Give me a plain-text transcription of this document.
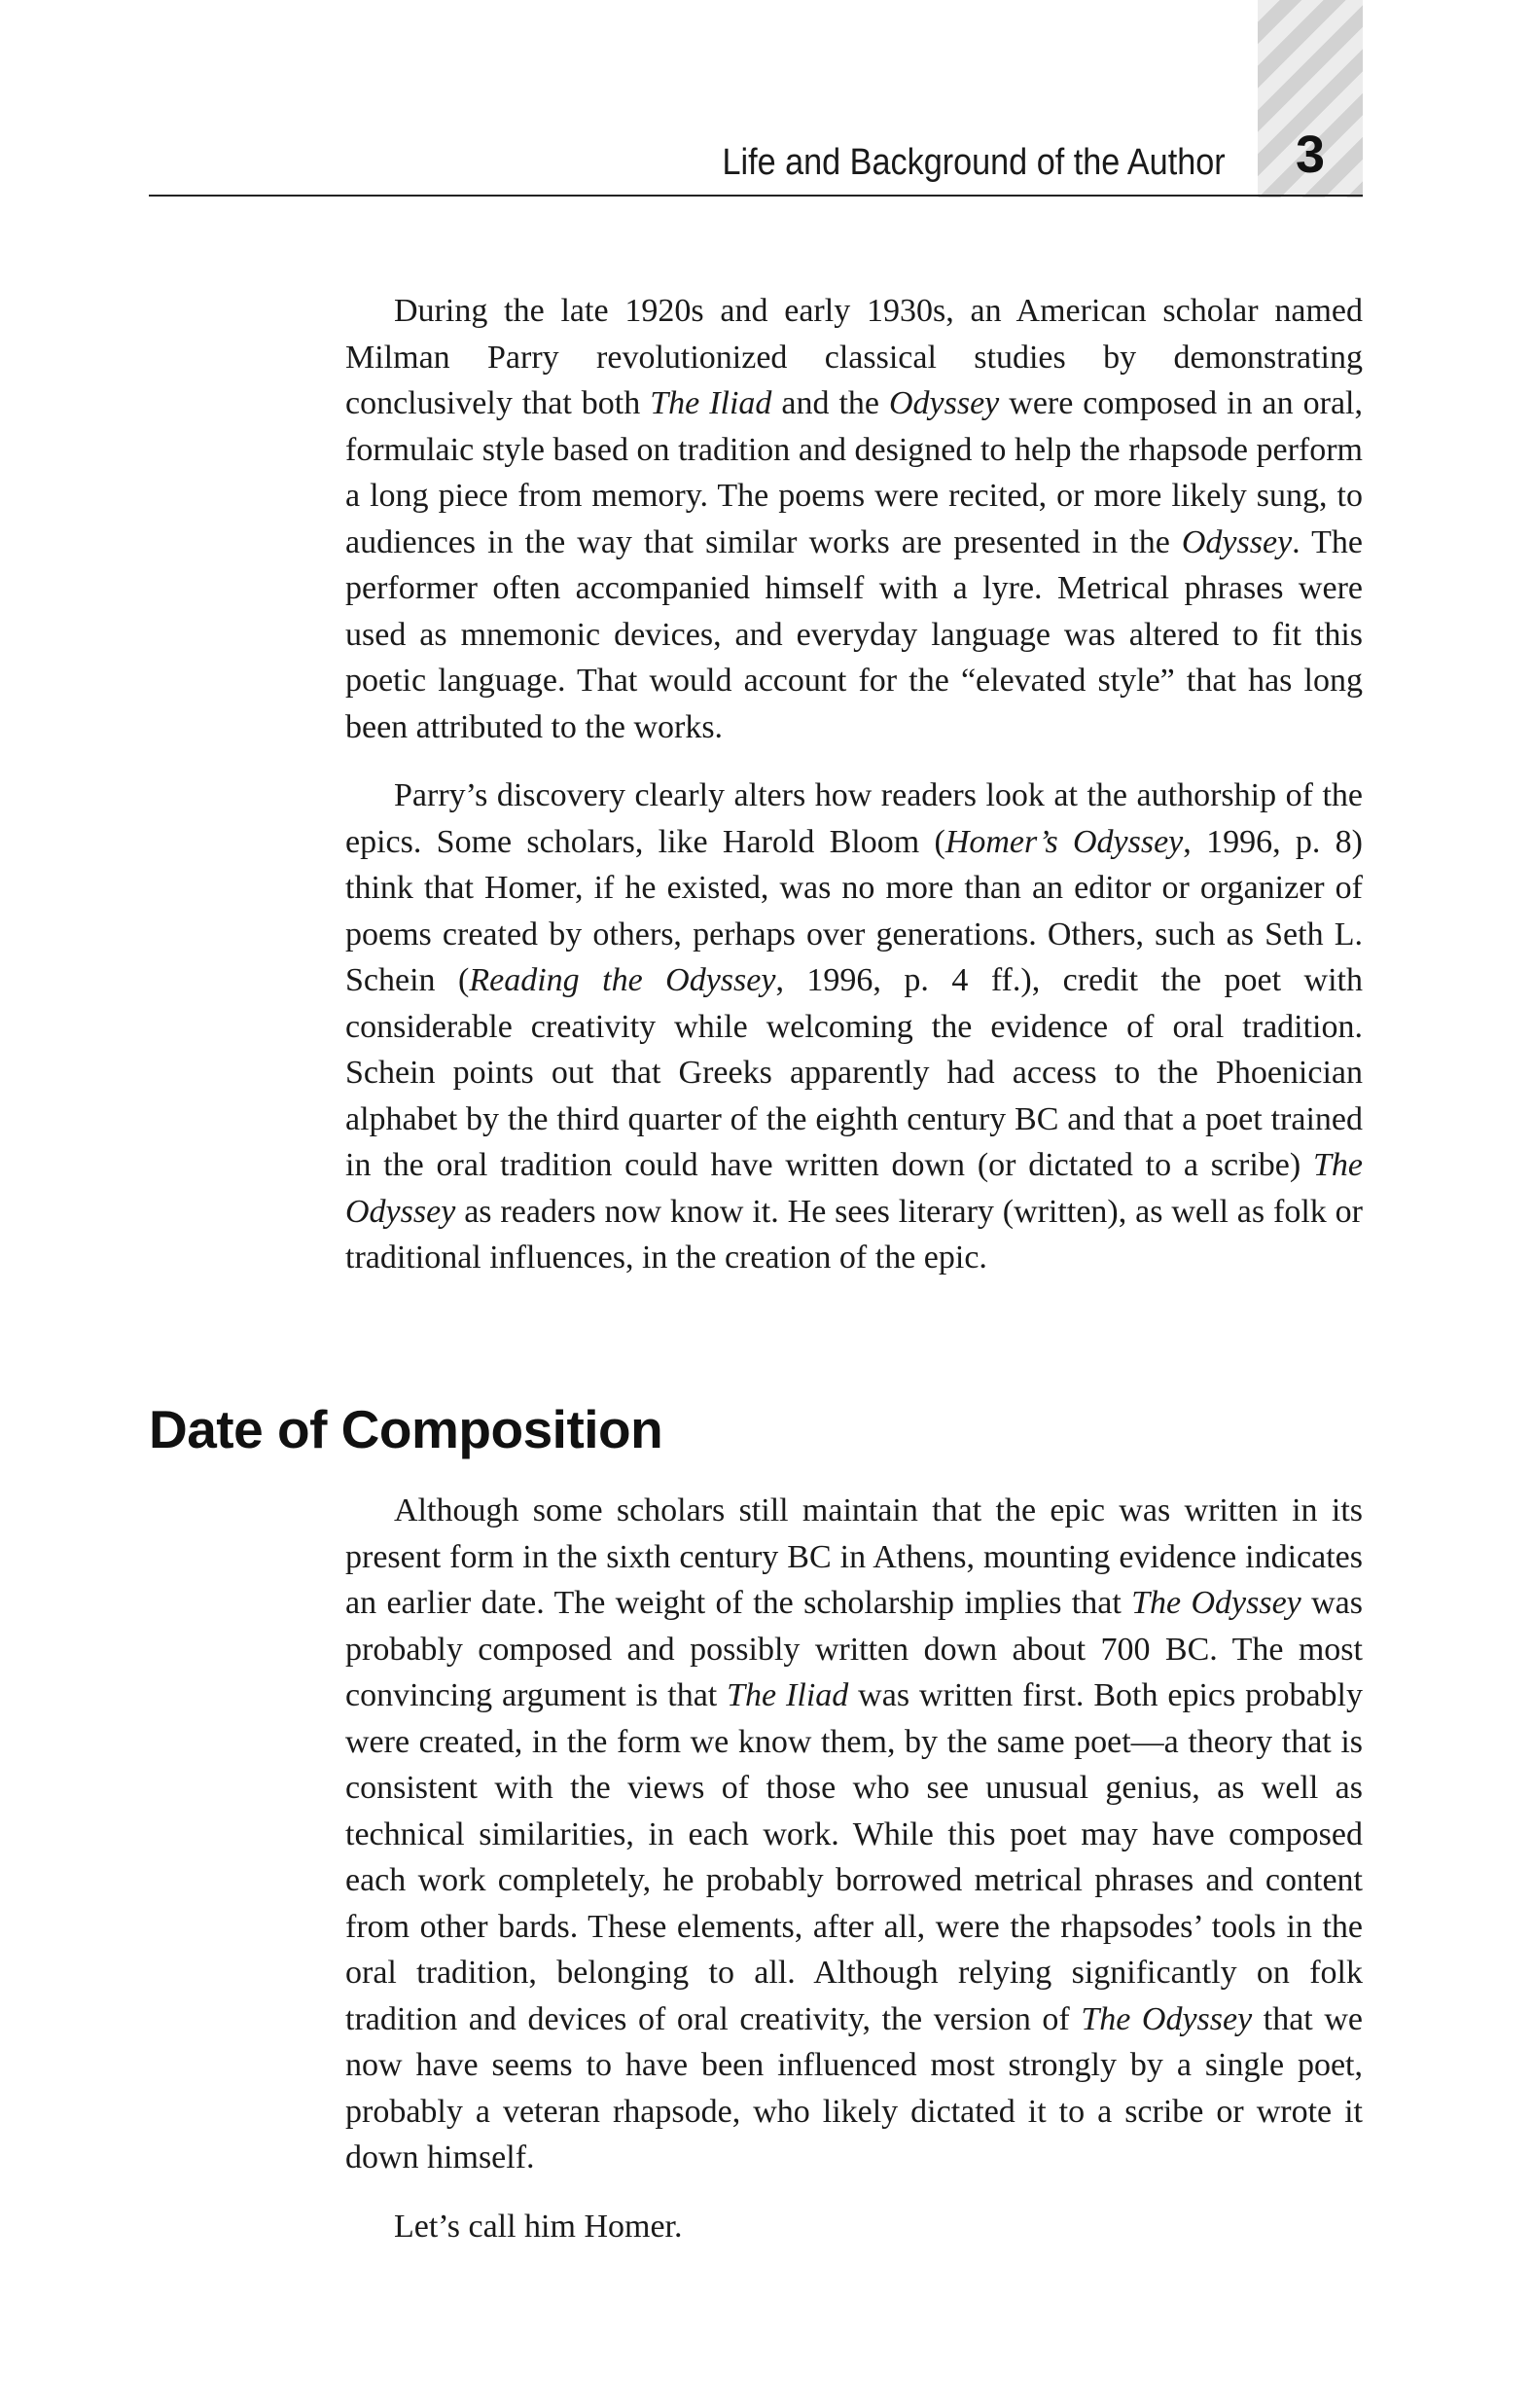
Life and Background of the Author	3

During the late 1920s and early 1930s, an American scholar named Milman Parry revolutionized classical studies by demonstrating conclusively that both The Iliad and the Odyssey were composed in an oral, formulaic style based on tradition and designed to help the rhapsode perform a long piece from memory. The poems were recited, or more likely sung, to audiences in the way that similar works are presented in the Odyssey. The performer often accompanied himself with a lyre. Metrical phrases were used as mnemonic devices, and everyday language was altered to fit this poetic language. That would account for the “elevated style” that has long been attributed to the works.

Parry’s discovery clearly alters how readers look at the authorship of the epics. Some scholars, like Harold Bloom (Homer’s Odyssey, 1996, p. 8) think that Homer, if he existed, was no more than an editor or organizer of poems created by others, perhaps over generations. Others, such as Seth L. Schein (Reading the Odyssey, 1996, p. 4 ff.), credit the poet with considerable creativity while welcoming the evidence of oral tradition. Schein points out that Greeks apparently had access to the Phoenician alphabet by the third quarter of the eighth century BC and that a poet trained in the oral tradition could have written down (or dictated to a scribe) The Odyssey as readers now know it. He sees literary (written), as well as folk or traditional influences, in the creation of the epic.

Date of Composition

Although some scholars still maintain that the epic was written in its present form in the sixth century BC in Athens, mounting evidence indicates an earlier date. The weight of the scholarship implies that The Odyssey was probably composed and possibly written down about 700 BC. The most convincing argument is that The Iliad was written first. Both epics probably were created, in the form we know them, by the same poet—a theory that is consistent with the views of those who see unusual genius, as well as technical similarities, in each work. While this poet may have composed each work completely, he probably borrowed metrical phrases and content from other bards. These elements, after all, were the rhapsodes’ tools in the oral tradition, belonging to all. Although relying significantly on folk tradition and devices of oral creativity, the version of The Odyssey that we now have seems to have been influenced most strongly by a single poet, probably a veteran rhapsode, who likely dictated it to a scribe or wrote it down himself.

Let’s call him Homer.
